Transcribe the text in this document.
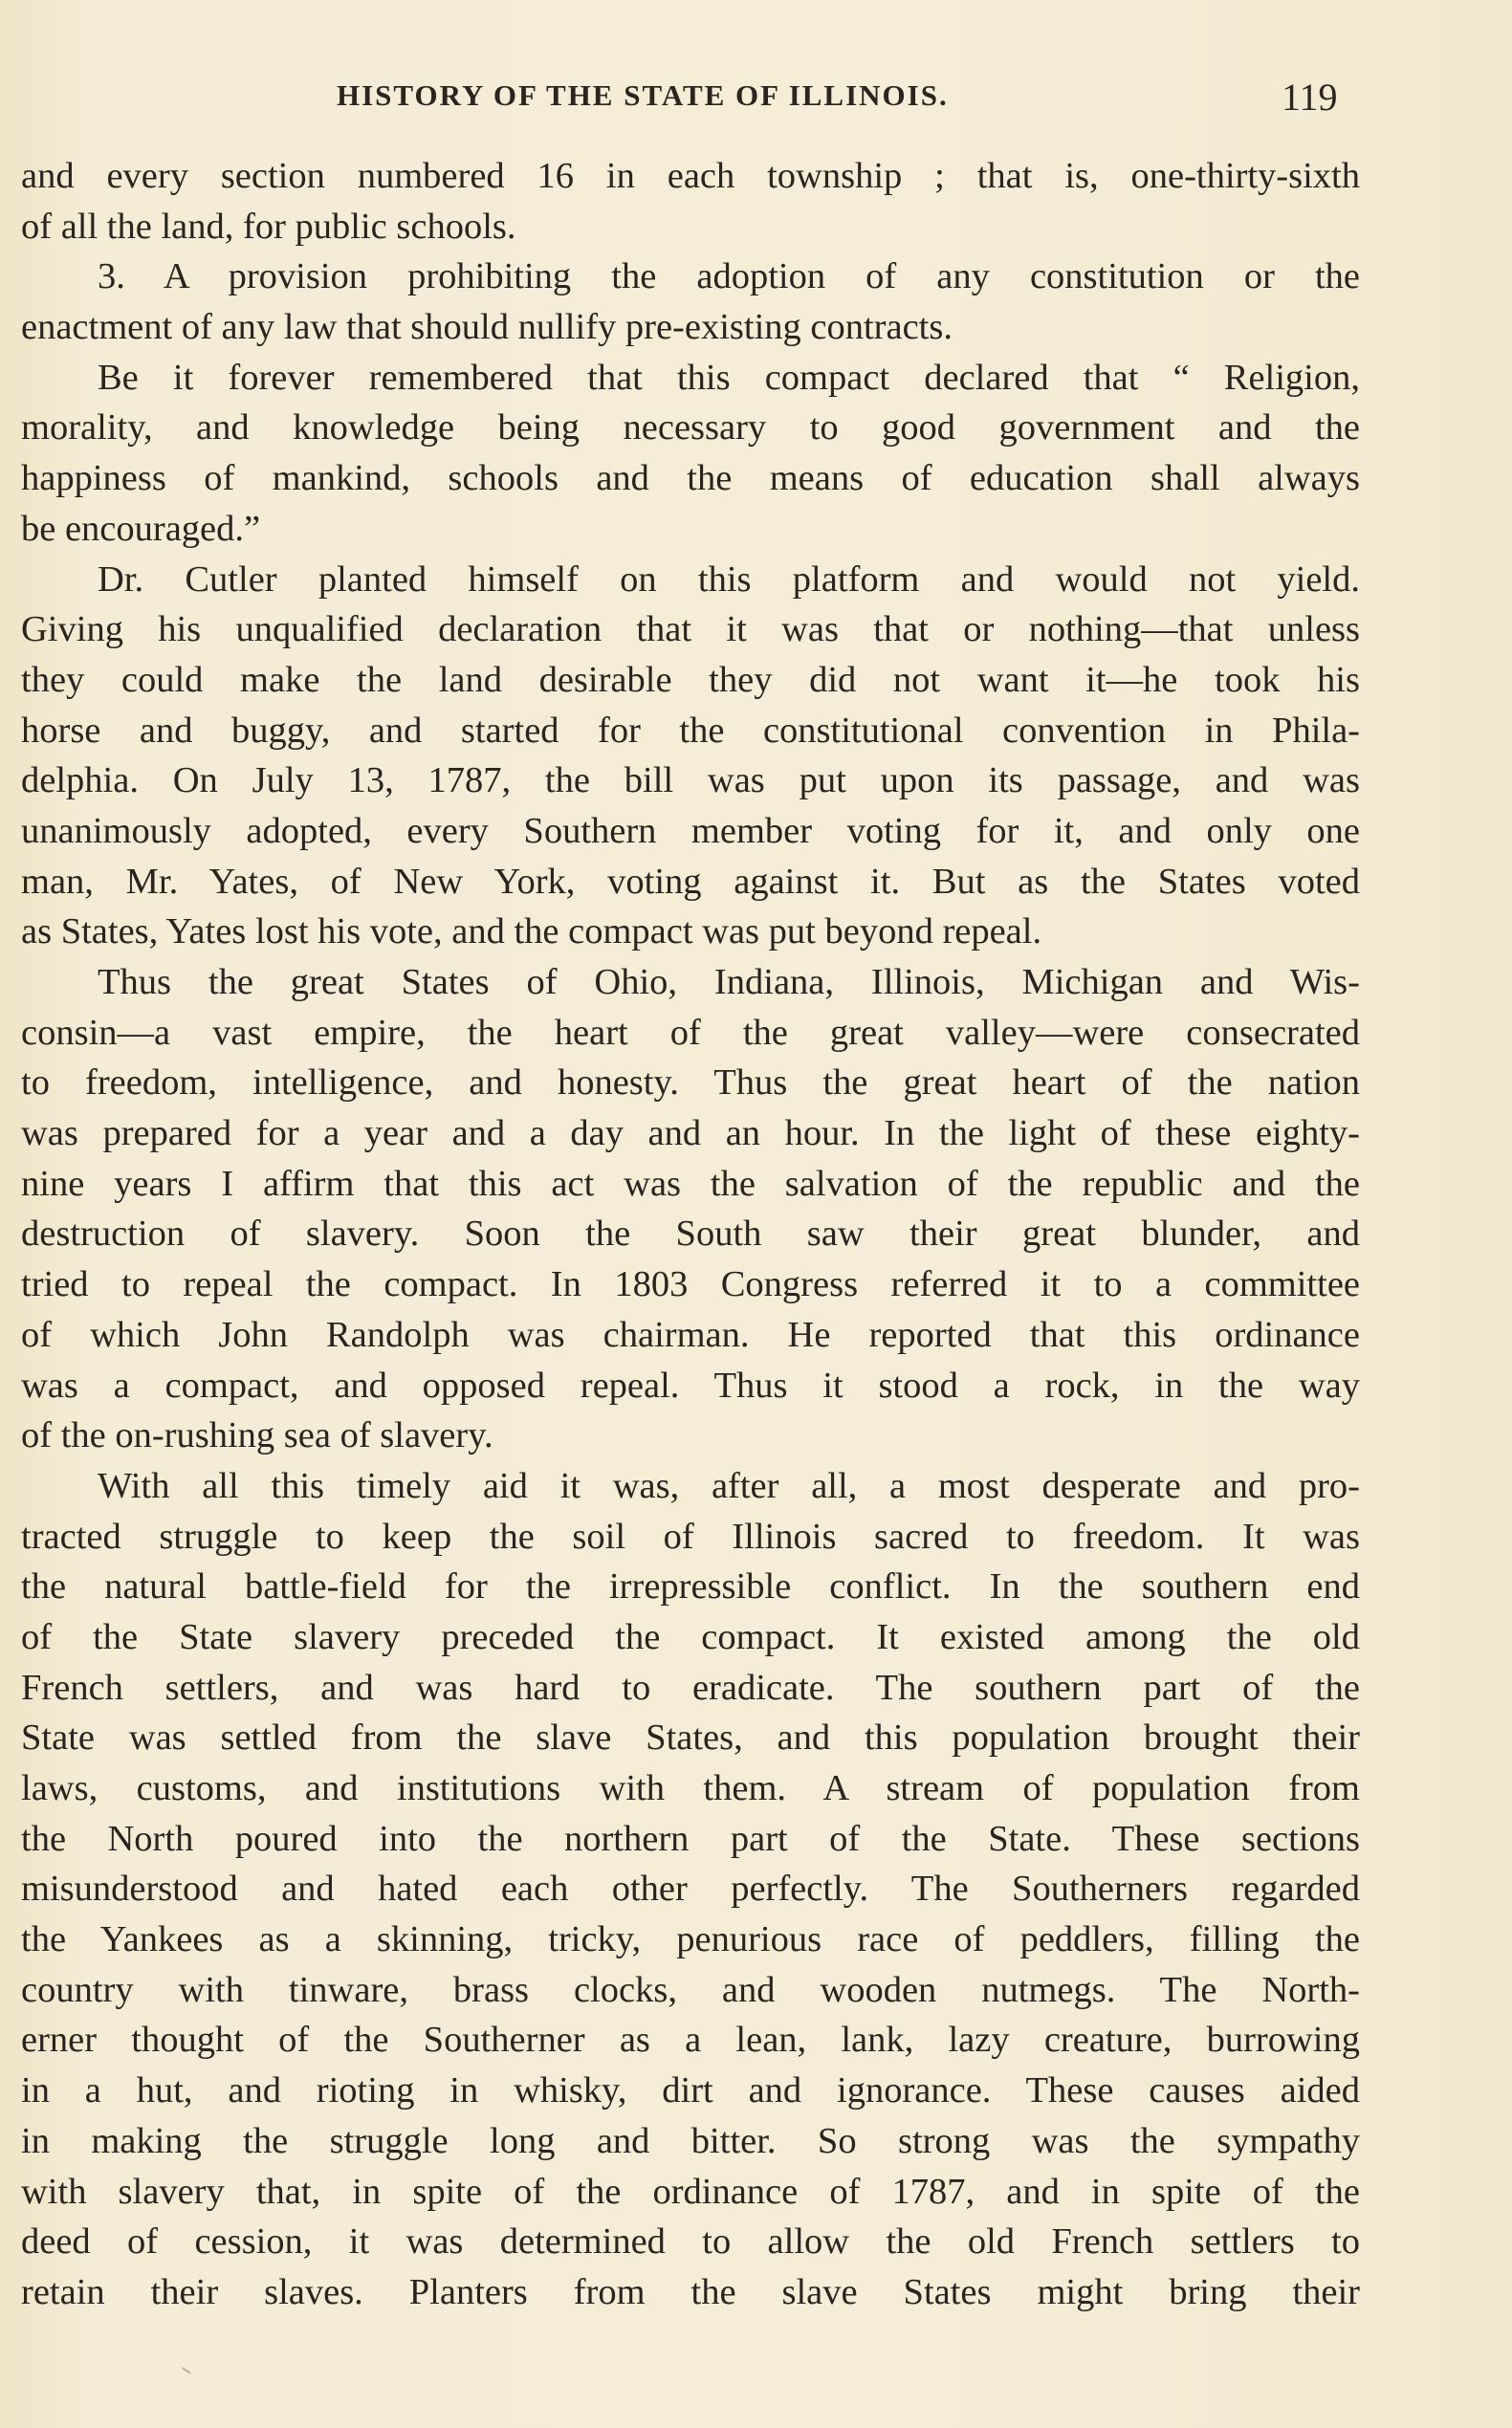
HISTORY OF THE STATE OF ILLINOIS.	119
and every section numbered 16 in each township ; that is, one-thirty-sixth
of all the land, for public schools.
3. A provision prohibiting the adoption of any constitution or the
enactment of any law that should nullify pre-existing contracts.
Be it forever remembered that this compact declared that “ Religion,
morality, and knowledge being necessary to good government and the
happiness of mankind, schools and the means of education shall always
be encouraged.”
Dr. Cutler planted himself on this platform and would not yield.
Giving his unqualified declaration that it was that or nothing—that unless
they could make the land desirable they did not want it—he took his
horse and buggy, and started for the constitutional convention in Phila-
delphia. On July 13, 1787, the bill was put upon its passage, and was
unanimously adopted, every Southern member voting for it, and only one
man, Mr. Yates, of New York, voting against it. But as the States voted
as States, Yates lost his vote, and the compact was put beyond repeal.
Thus the great States of Ohio, Indiana, Illinois, Michigan and Wis-
consin—a vast empire, the heart of the great valley—were consecrated
to freedom, intelligence, and honesty. Thus the great heart of the nation
was prepared for a year and a day and an hour. In the light of these eighty-
nine years I affirm that this act was the salvation of the republic and the
destruction of slavery. Soon the South saw their great blunder, and
tried to repeal the compact. In 1803 Congress referred it to a committee
of which John Randolph was chairman. He reported that this ordinance
was a compact, and opposed repeal. Thus it stood a rock, in the way
of the on-rushing sea of slavery.
With all this timely aid it was, after all, a most desperate and pro-
tracted struggle to keep the soil of Illinois sacred to freedom. It was
the natural battle-field for the irrepressible conflict. In the southern end
of the State slavery preceded the compact. It existed among the old
French settlers, and was hard to eradicate. The southern part of the
State was settled from the slave States, and this population brought their
laws, customs, and institutions with them. A stream of population from
the North poured into the northern part of the State. These sections
misunderstood and hated each other perfectly. The Southerners regarded
the Yankees as a skinning, tricky, penurious race of peddlers, filling the
country with tinware, brass clocks, and wooden nutmegs. The North-
erner thought of the Southerner as a lean, lank, lazy creature, burrowing
in a hut, and rioting in whisky, dirt and ignorance. These causes aided
in making the struggle long and bitter. So strong was the sympathy
with slavery that, in spite of the ordinance of 1787, and in spite of the
deed of cession, it was determined to allow the old French settlers to
retain their slaves. Planters from the slave States might bring their
